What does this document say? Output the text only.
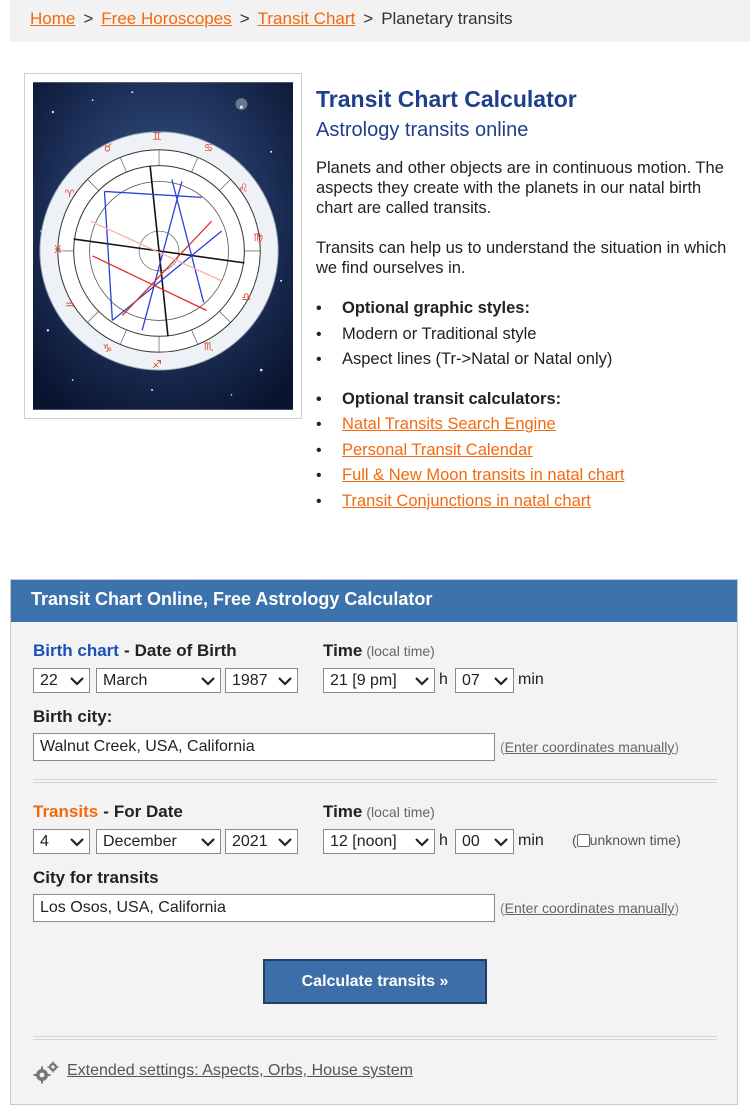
Home > Free Horoscopes > Transit Chart > Planetary transits
♊
♋
♌
♍
♎
♏
♐
♑
♒
♓
♈
♉
Transit Chart Calculator
Astrology transits online

Planets and other objects are in continuous motion. The aspects they create with the planets in our natal birth chart are called transits.

Transits can help us to understand the situation in which we find ourselves in.

• Optional graphic styles:
• Modern or Traditional style
• Aspect lines (Tr->Natal or Natal only)
• Optional transit calculators:
• Natal Transits Search Engine
• Personal Transit Calendar
• Full & New Moon transits in natal chart
• Transit Conjunctions in natal chart
Transit Chart Online, Free Astrology Calculator
Birth chart - Date of Birth	Time (local time)
22	March	1987	21 [9 pm]	h 07	min
Birth city:
Walnut Creek, USA, California	(Enter coordinates manually)
Transits - For Date	Time (local time)
4	December	2021	12 [noon]	h 00	min ( unknown time)
City for transits
Los Osos, USA, California	(Enter coordinates manually)
Calculate transits »
Extended settings: Aspects, Orbs, House system
